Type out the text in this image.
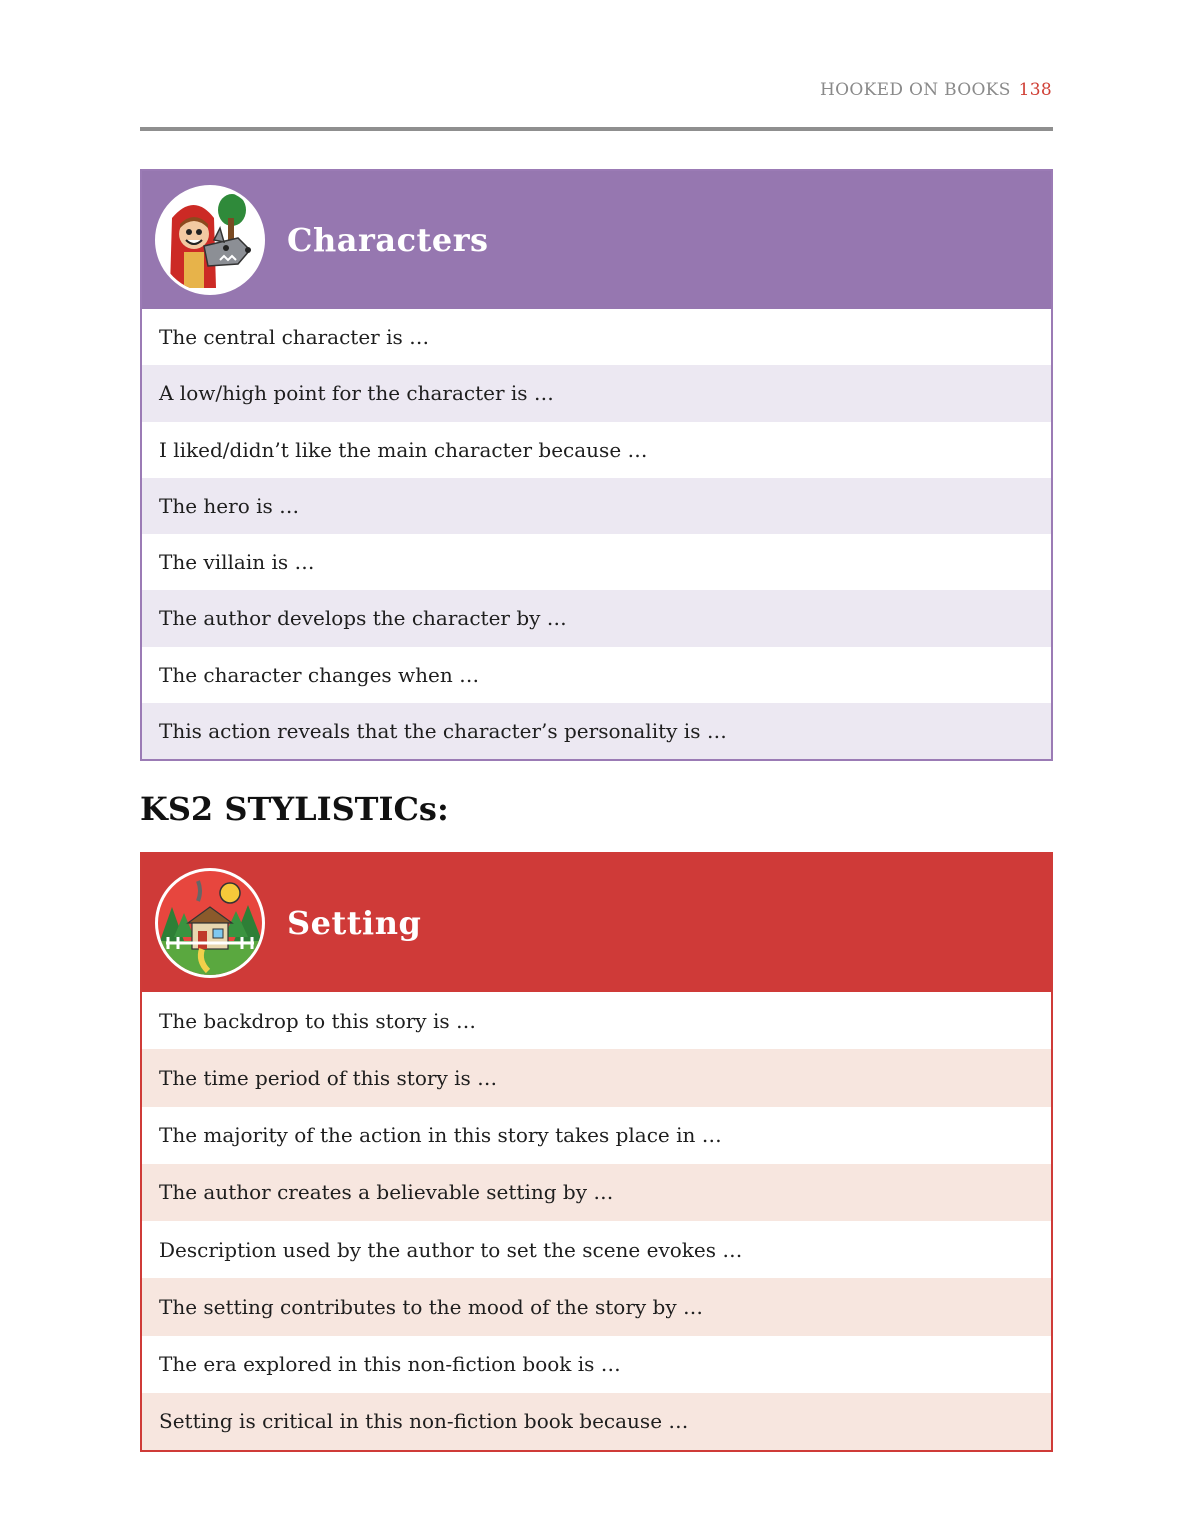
HOOKED ON BOOKS 138
Characters
The central character is …
A low/high point for the character is …
I liked/didn’t like the main character because …
The hero is …
The villain is …
The author develops the character by …
The character changes when …
This action reveals that the character’s personality is …
KS2 STYLISTICs:
Setting
The backdrop to this story is …
The time period of this story is …
The majority of the action in this story takes place in …
The author creates a believable setting by …
Description used by the author to set the scene evokes …
The setting contributes to the mood of the story by …
The era explored in this non-fiction book is …
Setting is critical in this non-fiction book because …
